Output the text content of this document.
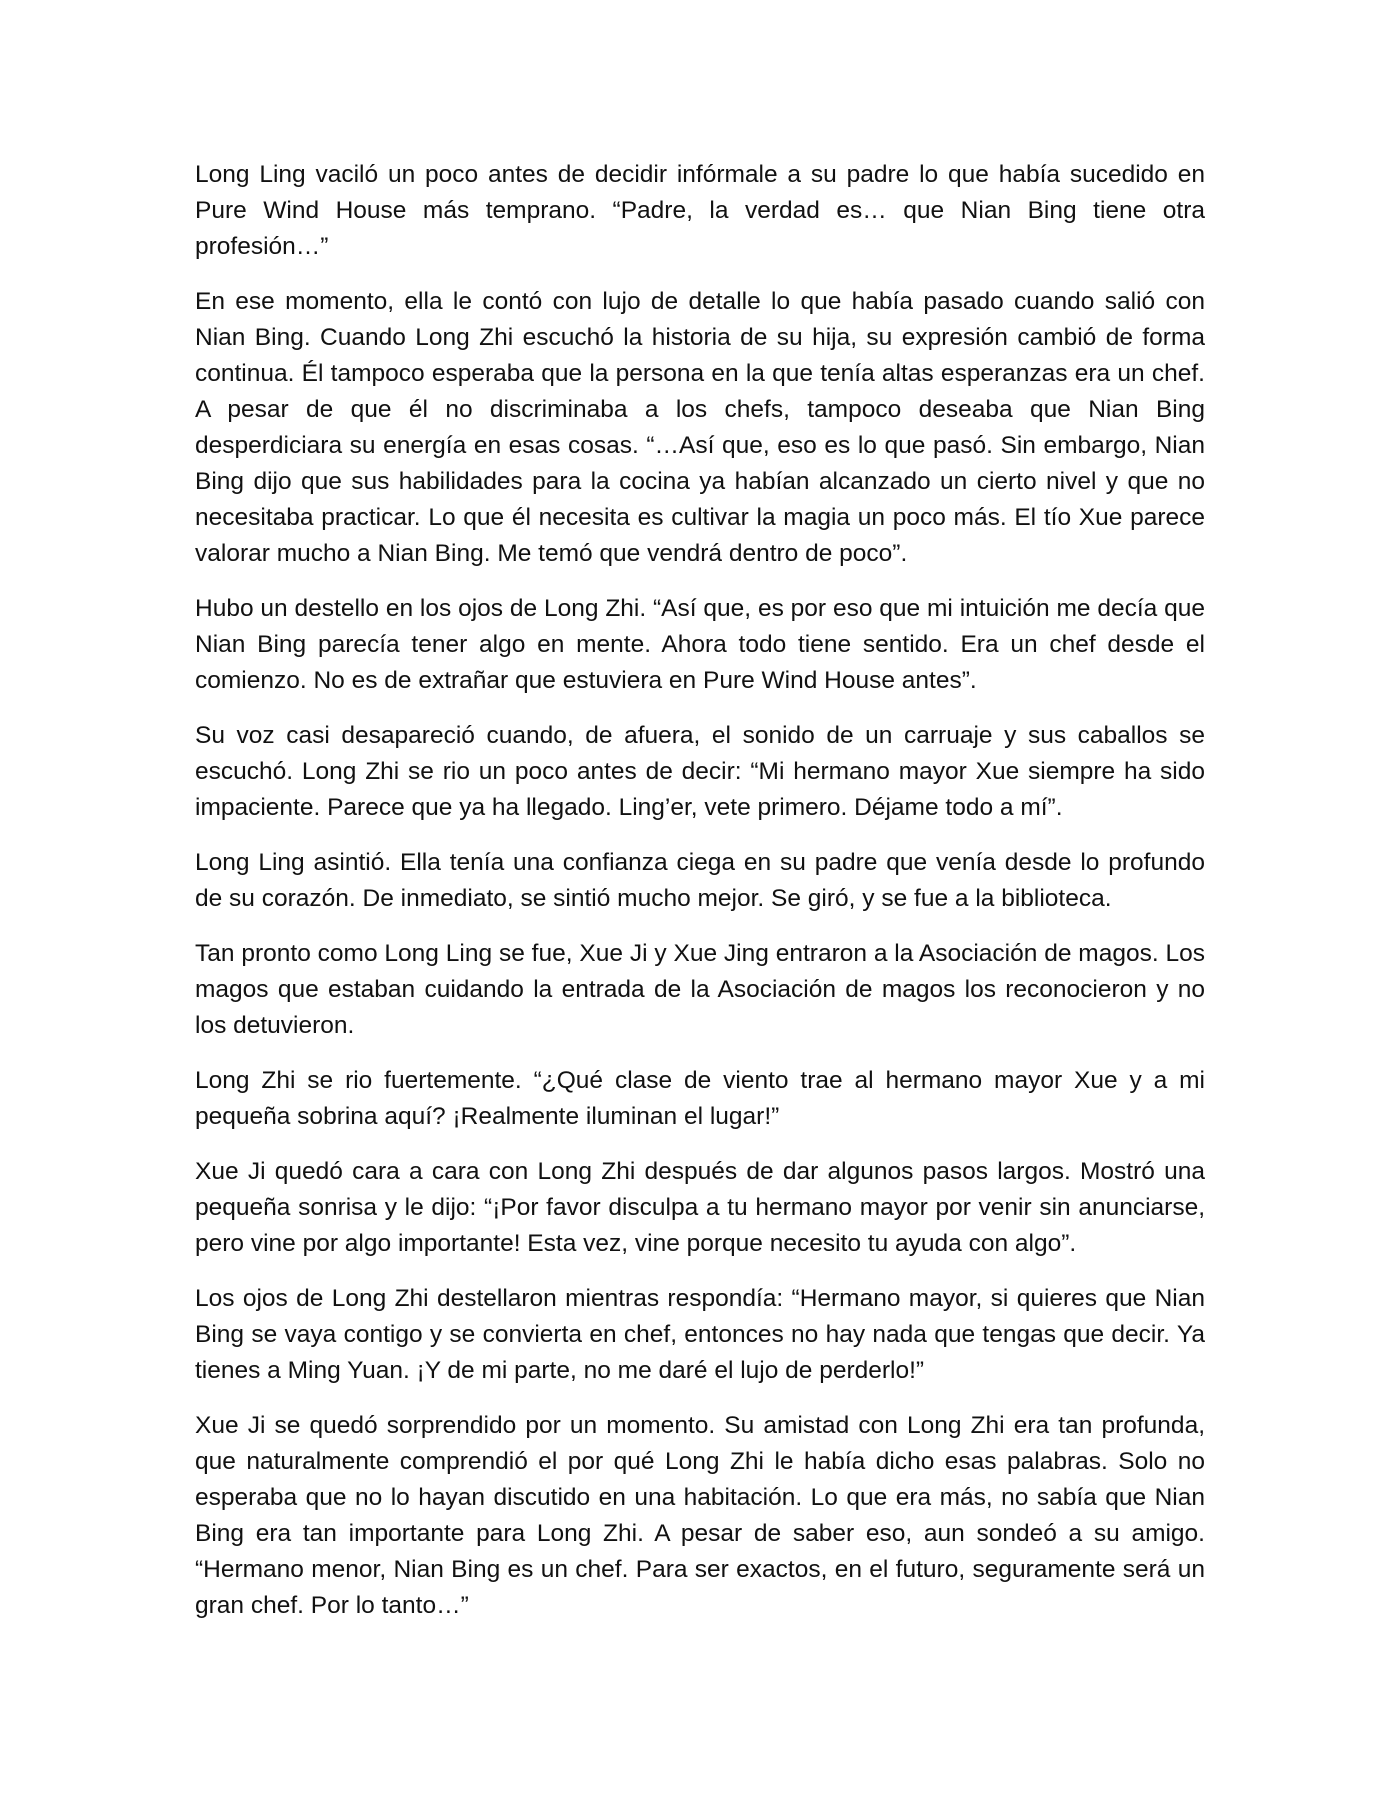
Long Ling vaciló un poco antes de decidir infórmale a su padre lo que había sucedido en Pure Wind House más temprano. “Padre, la verdad es… que Nian Bing tiene otra profesión…”

En ese momento, ella le contó con lujo de detalle lo que había pasado cuando salió con Nian Bing. Cuando Long Zhi escuchó la historia de su hija, su expresión cambió de forma continua. Él tampoco esperaba que la persona en la que tenía altas esperanzas era un chef. A pesar de que él no discriminaba a los chefs, tampoco deseaba que Nian Bing desperdiciara su energía en esas cosas. “…Así que, eso es lo que pasó. Sin embargo, Nian Bing dijo que sus habilidades para la cocina ya habían alcanzado un cierto nivel y que no necesitaba practicar. Lo que él necesita es cultivar la magia un poco más. El tío Xue parece valorar mucho a Nian Bing. Me temó que vendrá dentro de poco”.

Hubo un destello en los ojos de Long Zhi. “Así que, es por eso que mi intuición me decía que Nian Bing parecía tener algo en mente. Ahora todo tiene sentido. Era un chef desde el comienzo. No es de extrañar que estuviera en Pure Wind House antes”.

Su voz casi desapareció cuando, de afuera, el sonido de un carruaje y sus caballos se escuchó. Long Zhi se rio un poco antes de decir: “Mi hermano mayor Xue siempre ha sido impaciente. Parece que ya ha llegado. Ling’er, vete primero. Déjame todo a mí”.

Long Ling asintió. Ella tenía una confianza ciega en su padre que venía desde lo profundo de su corazón. De inmediato, se sintió mucho mejor. Se giró, y se fue a la biblioteca.

Tan pronto como Long Ling se fue, Xue Ji y Xue Jing entraron a la Asociación de magos. Los magos que estaban cuidando la entrada de la Asociación de magos los reconocieron y no los detuvieron.

Long Zhi se rio fuertemente. “¿Qué clase de viento trae al hermano mayor Xue y a mi pequeña sobrina aquí? ¡Realmente iluminan el lugar!”

Xue Ji quedó cara a cara con Long Zhi después de dar algunos pasos largos. Mostró una pequeña sonrisa y le dijo: “¡Por favor disculpa a tu hermano mayor por venir sin anunciarse, pero vine por algo importante! Esta vez, vine porque necesito tu ayuda con algo”.

Los ojos de Long Zhi destellaron mientras respondía: “Hermano mayor, si quieres que Nian Bing se vaya contigo y se convierta en chef, entonces no hay nada que tengas que decir. Ya tienes a Ming Yuan. ¡Y de mi parte, no me daré el lujo de perderlo!”

Xue Ji se quedó sorprendido por un momento. Su amistad con Long Zhi era tan profunda, que naturalmente comprendió el por qué Long Zhi le había dicho esas palabras. Solo no esperaba que no lo hayan discutido en una habitación. Lo que era más, no sabía que Nian Bing era tan importante para Long Zhi. A pesar de saber eso, aun sondeó a su amigo. “Hermano menor, Nian Bing es un chef. Para ser exactos, en el futuro, seguramente será un gran chef. Por lo tanto…”
